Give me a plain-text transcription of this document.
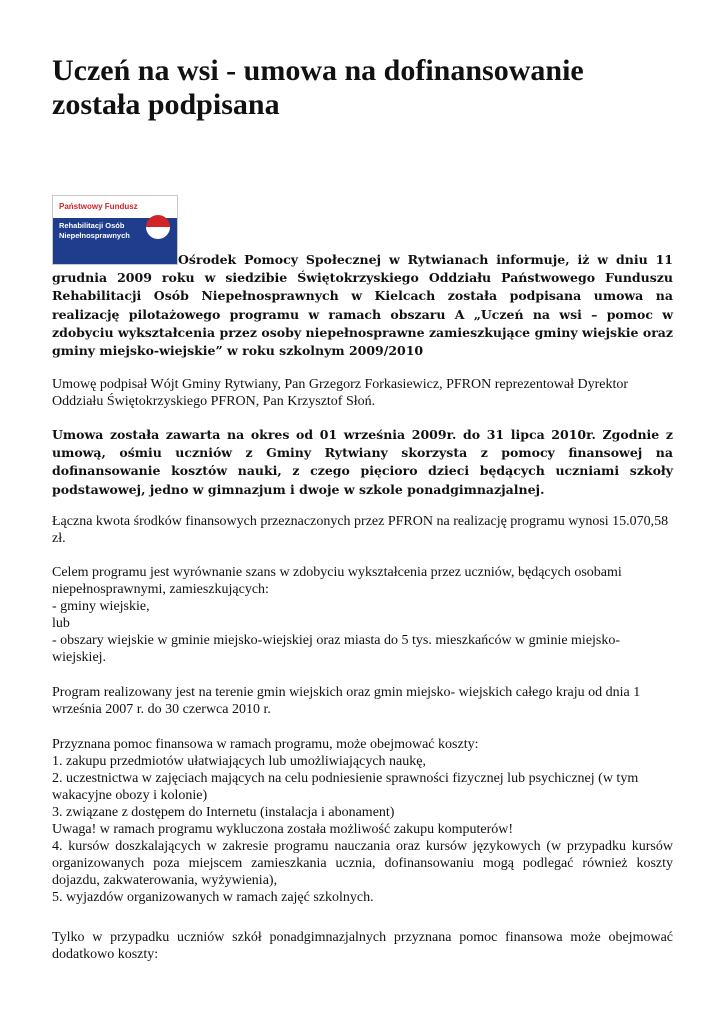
Uczeń na wsi - umowa na dofinansowanie została podpisana
Państwowy Fundusz
Rehabilitacji Osób
Niepełnosprawnych

Ośrodek Pomocy Społecznej w Rytwianach informuje, iż w dniu 11 grudnia 2009 roku w siedzibie Świętokrzyskiego Oddziału Państwowego Funduszu Rehabilitacji Osób Niepełnosprawnych w Kielcach została podpisana umowa na realizację pilotażowego programu w ramach obszaru A „Uczeń na wsi – pomoc w zdobyciu wykształcenia przez osoby niepełnosprawne zamieszkujące gminy wiejskie oraz gminy miejsko-wiejskie” w roku szkolnym 2009/2010

Umowę podpisał Wójt Gminy Rytwiany, Pan Grzegorz Forkasiewicz, PFRON reprezentował Dyrektor Oddziału Świętokrzyskiego PFRON, Pan Krzysztof Słoń.

Umowa została zawarta na okres od 01 września 2009r. do 31 lipca 2010r. Zgodnie z umową, ośmiu uczniów z Gminy Rytwiany skorzysta z pomocy finansowej na dofinansowanie kosztów nauki, z czego pięcioro dzieci będących uczniami szkoły podstawowej, jedno w gimnazjum i dwoje w szkole ponadgimnazjalnej.

Łączna kwota środków finansowych przeznaczonych przez PFRON na realizację programu wynosi 15.070,58 zł.

Celem programu jest wyrównanie szans w zdobyciu wykształcenia przez uczniów, będących osobami niepełnosprawnymi, zamieszkujących:
- gminy wiejskie,
lub
- obszary wiejskie w gminie miejsko-wiejskiej oraz miasta do 5 tys. mieszkańców w gminie miejsko-wiejskiej.

Program realizowany jest na terenie gmin wiejskich oraz gmin miejsko- wiejskich całego kraju od dnia 1 września 2007 r. do 30 czerwca 2010 r.

Przyznana pomoc finansowa w ramach programu, może obejmować koszty:
1. zakupu przedmiotów ułatwiających lub umożliwiających naukę,
2. uczestnictwa w zajęciach mających na celu podniesienie sprawności fizycznej lub psychicznej (w tym wakacyjne obozy i kolonie)
3. związane z dostępem do Internetu (instalacja i abonament)
Uwaga! w ramach programu wykluczona została możliwość zakupu komputerów!
4. kursów doszkalających w zakresie programu nauczania oraz kursów językowych (w przypadku kursów organizowanych poza miejscem zamieszkania ucznia, dofinansowaniu mogą podlegać również koszty dojazdu, zakwaterowania, wyżywienia),
5. wyjazdów organizowanych w ramach zajęć szkolnych.

Tylko w przypadku uczniów szkół ponadgimnazjalnych przyznana pomoc finansowa może obejmować dodatkowo koszty:
